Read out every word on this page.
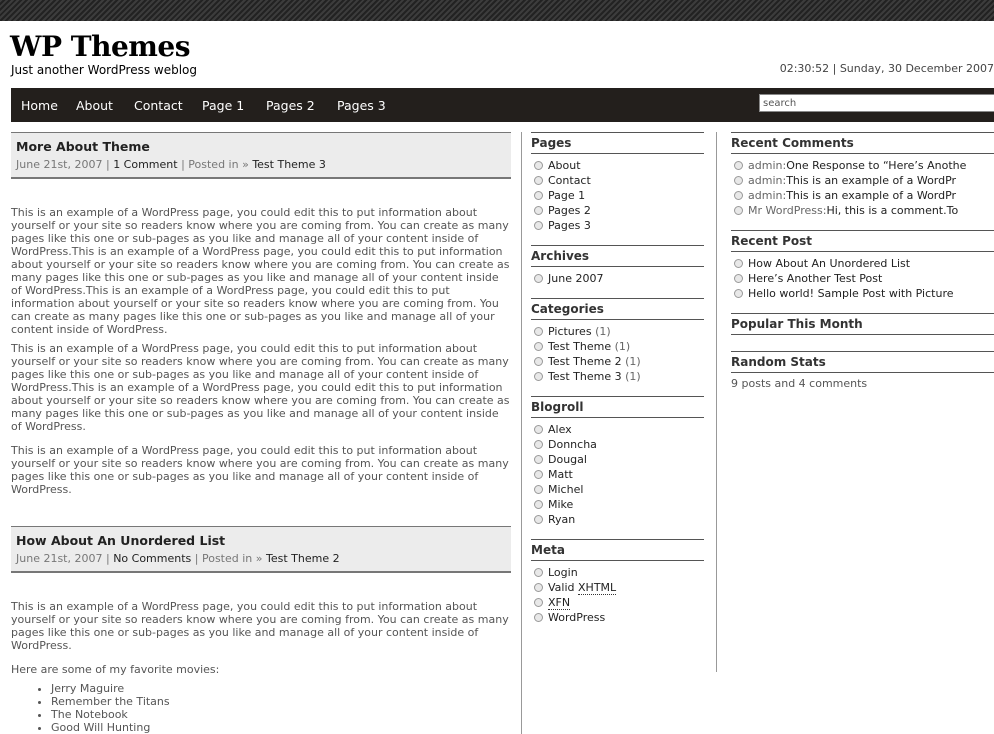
WP Themes
Just another WordPress weblog	02:30:52 | Sunday, 30 December 2007
Home About Contact Page 1 Pages 2 Pages 3
search
More About Theme
June 21st, 2007 | 1 Comment | Posted in » Test Theme 3

This is an example of a WordPress page, you could edit this to put information about yourself or your site so readers know where you are coming from. You can create as many pages like this one or sub-pages as you like and manage all of your content inside of WordPress.This is an example of a WordPress page, you could edit this to put information about yourself or your site so readers know where you are coming from. You can create as many pages like this one or sub-pages as you like and manage all of your content inside of WordPress.This is an example of a WordPress page, you could edit this to put information about yourself or your site so readers know where you are coming from. You can create as many pages like this one or sub-pages as you like and manage all of your content inside of WordPress.

This is an example of a WordPress page, you could edit this to put information about yourself or your site so readers know where you are coming from. You can create as many pages like this one or sub-pages as you like and manage all of your content inside of WordPress.This is an example of a WordPress page, you could edit this to put information about yourself or your site so readers know where you are coming from. You can create as many pages like this one or sub-pages as you like and manage all of your content inside of WordPress.

This is an example of a WordPress page, you could edit this to put information about yourself or your site so readers know where you are coming from. You can create as many pages like this one or sub-pages as you like and manage all of your content inside of WordPress.

How About An Unordered List
June 21st, 2007 | No Comments | Posted in » Test Theme 2

This is an example of a WordPress page, you could edit this to put information about yourself or your site so readers know where you are coming from. You can create as many pages like this one or sub-pages as you like and manage all of your content inside of WordPress.

Here are some of my favorite movies:

• Jerry Maguire
• Remember the Titans
• The Notebook
• Good Will Hunting
Pages
About
Contact
Page 1
Pages 2
Pages 3
Archives
June 2007
Categories
Pictures (1)
Test Theme (1)
Test Theme 2 (1)
Test Theme 3 (1)
Blogroll
Alex
Donncha
Dougal
Matt
Michel
Mike
Ryan
Meta
Login
Valid XHTML
XFN
WordPress
Recent Comments
admin:One Response to “Here’s Anothe
admin:This is an example of a WordPr
admin:This is an example of a WordPr
Mr WordPress:Hi, this is a comment.To
Recent Post
How About An Unordered List
Here’s Another Test Post
Hello world! Sample Post with Picture
Popular This Month
Random Stats
9 posts and 4 comments
